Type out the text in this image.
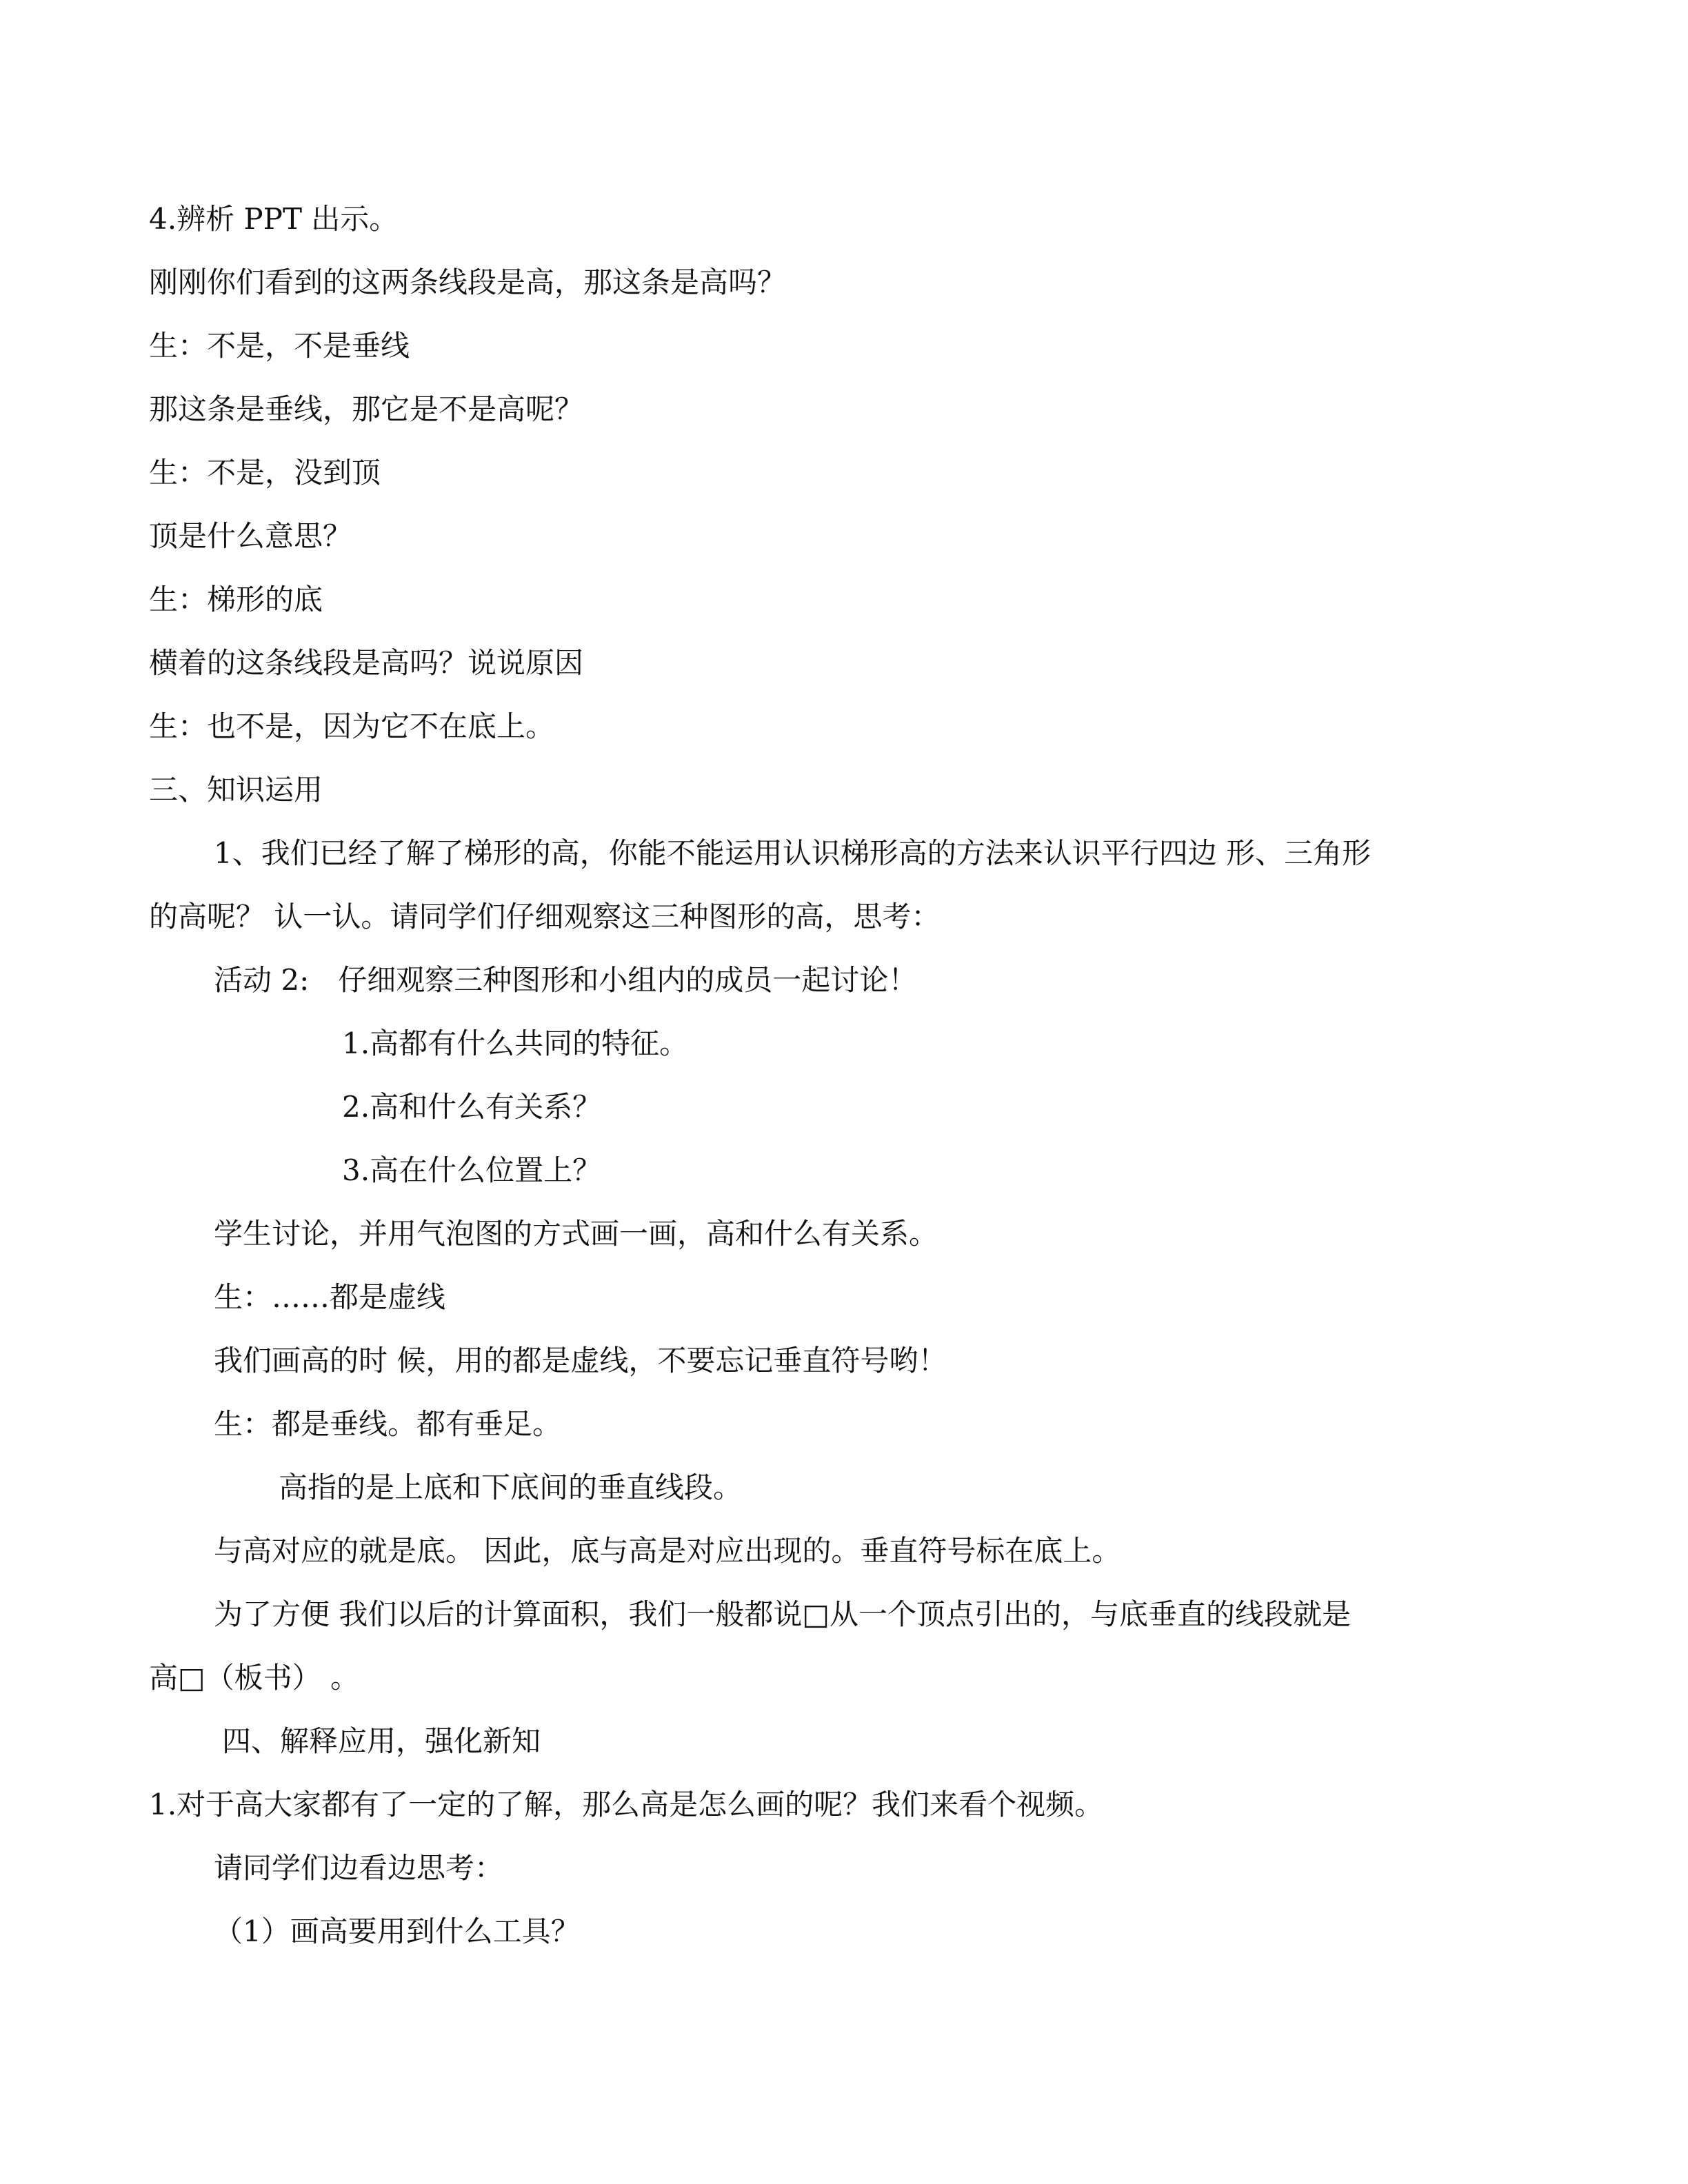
4.辨析 PPT 出示。
刚刚你们看到的这两条线段是高，那这条是高吗？
生：不是，不是垂线
那这条是垂线，那它是不是高呢？
生：不是，没到顶
顶是什么意思？
生：梯形的底
横着的这条线段是高吗？说说原因
生：也不是，因为它不在底上。
三、知识运用
1、我们已经了解了梯形的高，你能不能运用认识梯形高的方法来认识平行四边 形、三角形
的高呢？ 认一认。请同学们仔细观察这三种图形的高，思考：
活动 2:　仔细观察三种图形和小组内的成员一起讨论！
1.高都有什么共同的特征。
2.高和什么有关系？
3.高在什么位置上？
学生讨论，并用气泡图的方式画一画，高和什么有关系。
生：……都是虚线
我们画高的时 候，用的都是虚线，不要忘记垂直符号哟！
生：都是垂线。都有垂足。
高指的是上底和下底间的垂直线段。
与高对应的就是底。 因此，底与高是对应出现的。垂直符号标在底上。
为了方便 我们以后的计算面积，我们一般都说□从一个顶点引出的，与底垂直的线段就是
高□（板书） 。
四、解释应用，强化新知
1.对于高大家都有了一定的了解，那么高是怎么画的呢？我们来看个视频。
请同学们边看边思考：
（1）画高要用到什么工具？
